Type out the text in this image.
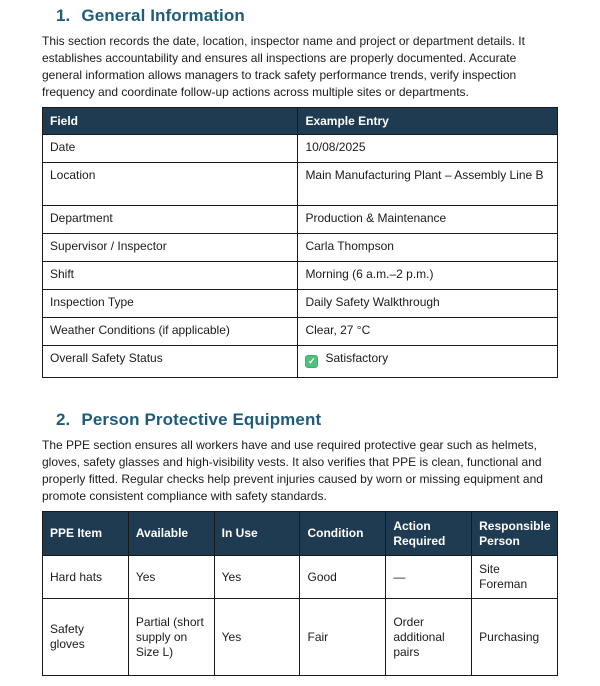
1. General Information

This section records the date, location, inspector name and project or department details. It establishes accountability and ensures all inspections are properly documented. Accurate general information allows managers to track safety performance trends, verify inspection frequency and coordinate follow-up actions across multiple sites or departments.

Field	Example Entry
Date	10/08/2025
Location	Main Manufacturing Plant – Assembly Line B
Department	Production & Maintenance
Supervisor / Inspector	Carla Thompson
Shift	Morning (6 a.m.–2 p.m.)
Inspection Type	Daily Safety Walkthrough
Weather Conditions (if applicable)	Clear, 27 °C
Overall Safety Status	✓ Satisfactory
2. Person Protective Equipment

The PPE section ensures all workers have and use required protective gear such as helmets, gloves, safety glasses and high-visibility vests. It also verifies that PPE is clean, functional and properly fitted. Regular checks help prevent injuries caused by worn or missing equipment and promote consistent compliance with safety standards.

PPE Item	Available	In Use	Condition	Action Required	Responsible Person
Hard hats	Yes	Yes	Good	—	Site Foreman
Safety gloves	Partial (short supply on Size L)	Yes	Fair	Order additional pairs	Purchasing
